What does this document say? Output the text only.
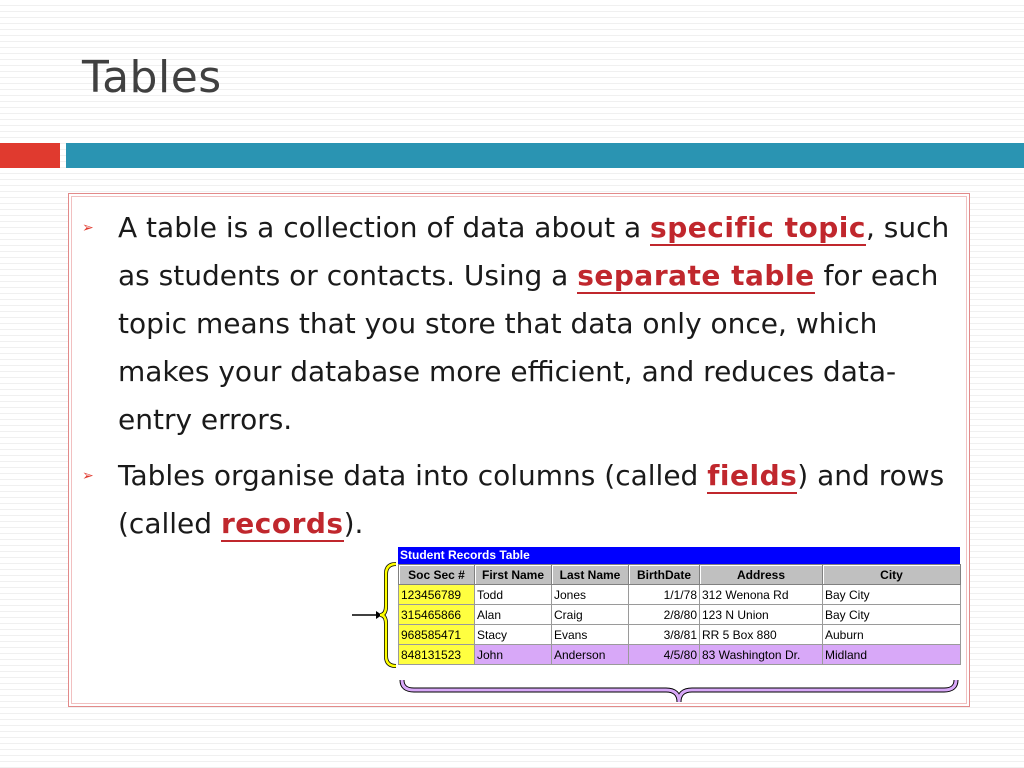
Tables
➢ A table is a collection of data about a specific topic, such as students or contacts. Using a separate table for each topic means that you store that data only once, which makes your database more efficient, and reduces data-entry errors.
➢ Tables organise data into columns (called fields) and rows (called records).
Student Records Table
Soc Sec #	First Name	Last Name	BirthDate	Address	City
123456789	Todd	Jones	1/1/78	312 Wenona Rd	Bay City
315465866	Alan	Craig	2/8/80	123 N Union	Bay City
968585471	Stacy	Evans	3/8/81	RR 5 Box 880	Auburn
848131523	John	Anderson	4/5/80	83 Washington Dr.	Midland
